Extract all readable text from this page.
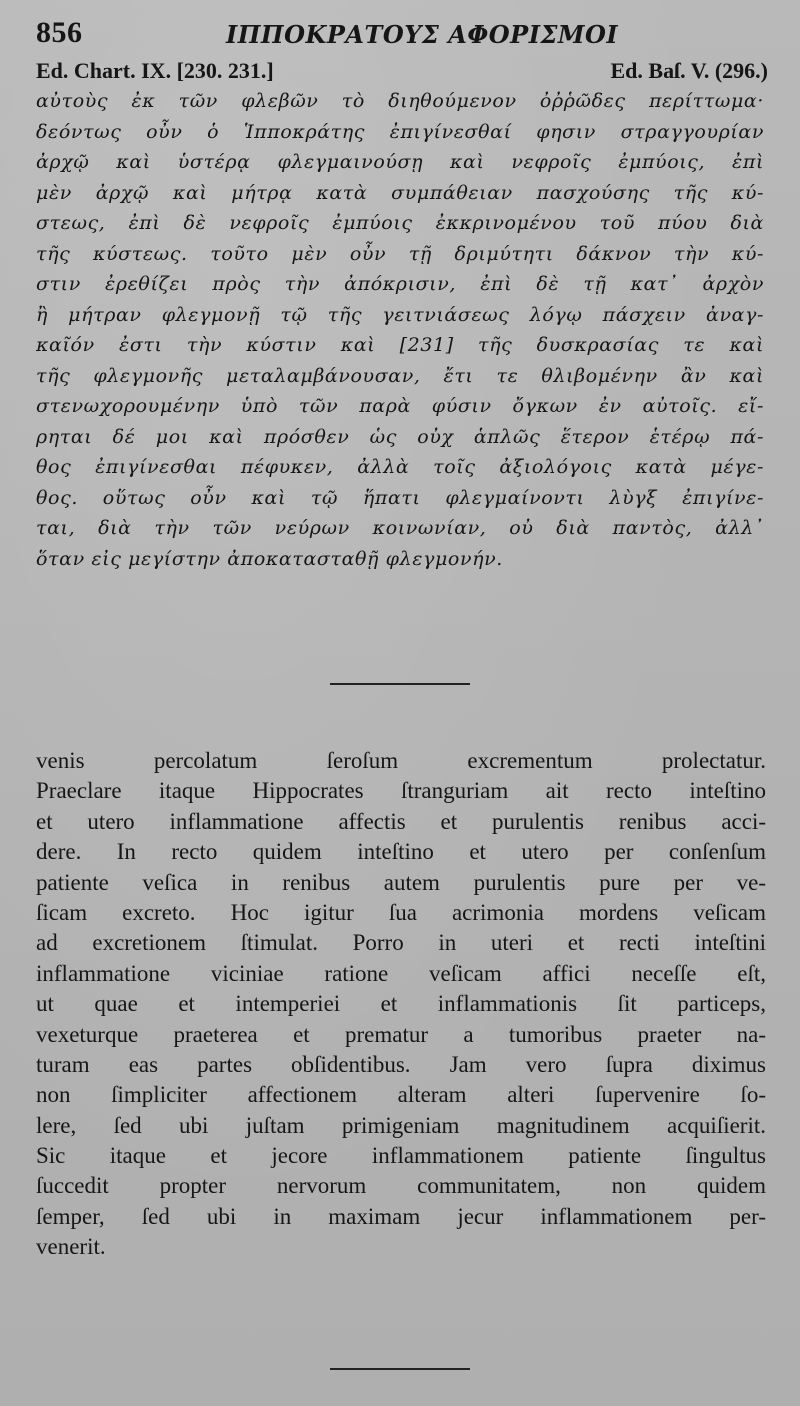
856	ΙΠΠΟΚΡΑΤΟΥΣ ΑΦΟΡΙΣΜΟΙ
Ed. Chart. IX. [230. 231.]	Ed. Baſ. V. (296.)
αὐτοὺς ἐκ τῶν φλεβῶν τὸ διηθούμενον ὀῤῥῶδες περίττωμα·
δεόντως οὖν ὁ Ἱπποκράτης ἐπιγίνεσθαί φησιν στραγγουρίαν
ἀρχῷ καὶ ὑστέρᾳ φλεγμαινούσῃ καὶ νεφροῖς ἐμπύοις, ἐπὶ
μὲν ἀρχῷ καὶ μήτρᾳ κατὰ συμπάθειαν πασχούσης τῆς κύ-
στεως, ἐπὶ δὲ νεφροῖς ἐμπύοις ἐκκρινομένου τοῦ πύου διὰ
τῆς κύστεως. τοῦτο μὲν οὖν τῇ δριμύτητι δάκνον τὴν κύ-
στιν ἐρεθίζει πρὸς τὴν ἀπόκρισιν, ἐπὶ δὲ τῇ κατ᾽ ἀρχὸν
ἢ μήτραν φλεγμονῇ τῷ τῆς γειτνιάσεως λόγῳ πάσχειν ἀναγ-
καῖόν ἐστι τὴν κύστιν καὶ [231] τῆς δυσκρασίας τε καὶ
τῆς φλεγμονῆς μεταλαμβάνουσαν, ἔτι τε θλιβομένην ἂν καὶ
στενωχορουμένην ὑπὸ τῶν παρὰ φύσιν ὄγκων ἐν αὐτοῖς. εἴ-
ρηται δέ μοι καὶ πρόσθεν ὡς οὐχ ἁπλῶς ἕτερον ἑτέρῳ πά-
θος ἐπιγίνεσθαι πέφυκεν, ἀλλὰ τοῖς ἀξιολόγοις κατὰ μέγε-
θος. οὕτως οὖν καὶ τῷ ἥπατι φλεγμαίνοντι λὺγξ ἐπιγίνε-
ται, διὰ τὴν τῶν νεύρων κοινωνίαν, οὐ διὰ παντὸς, ἀλλ᾽
ὅταν εἰς μεγίστην ἀποκατασταθῇ φλεγμονήν.
venis percolatum ſeroſum excrementum prolectatur.
Praeclare itaque Hippocrates ſtranguriam ait recto inteſtino
et utero inflammatione affectis et purulentis renibus acci-
dere. In recto quidem inteſtino et utero per conſenſum
patiente veſica in renibus autem purulentis pure per ve-
ſicam excreto. Hoc igitur ſua acrimonia mordens veſicam
ad excretionem ſtimulat. Porro in uteri et recti inteſtini
inflammatione viciniae ratione veſicam affici neceſſe eſt,
ut quae et intemperiei et inflammationis ſit particeps,
vexeturque praeterea et prematur a tumoribus praeter na-
turam eas partes obſidentibus. Jam vero ſupra diximus
non ſimpliciter affectionem alteram alteri ſupervenire ſo-
lere, ſed ubi juſtam primigeniam magnitudinem acquiſierit.
Sic itaque et jecore inflammationem patiente ſingultus
ſuccedit propter nervorum communitatem, non quidem
ſemper, ſed ubi in maximam jecur inflammationem per-
venerit.
